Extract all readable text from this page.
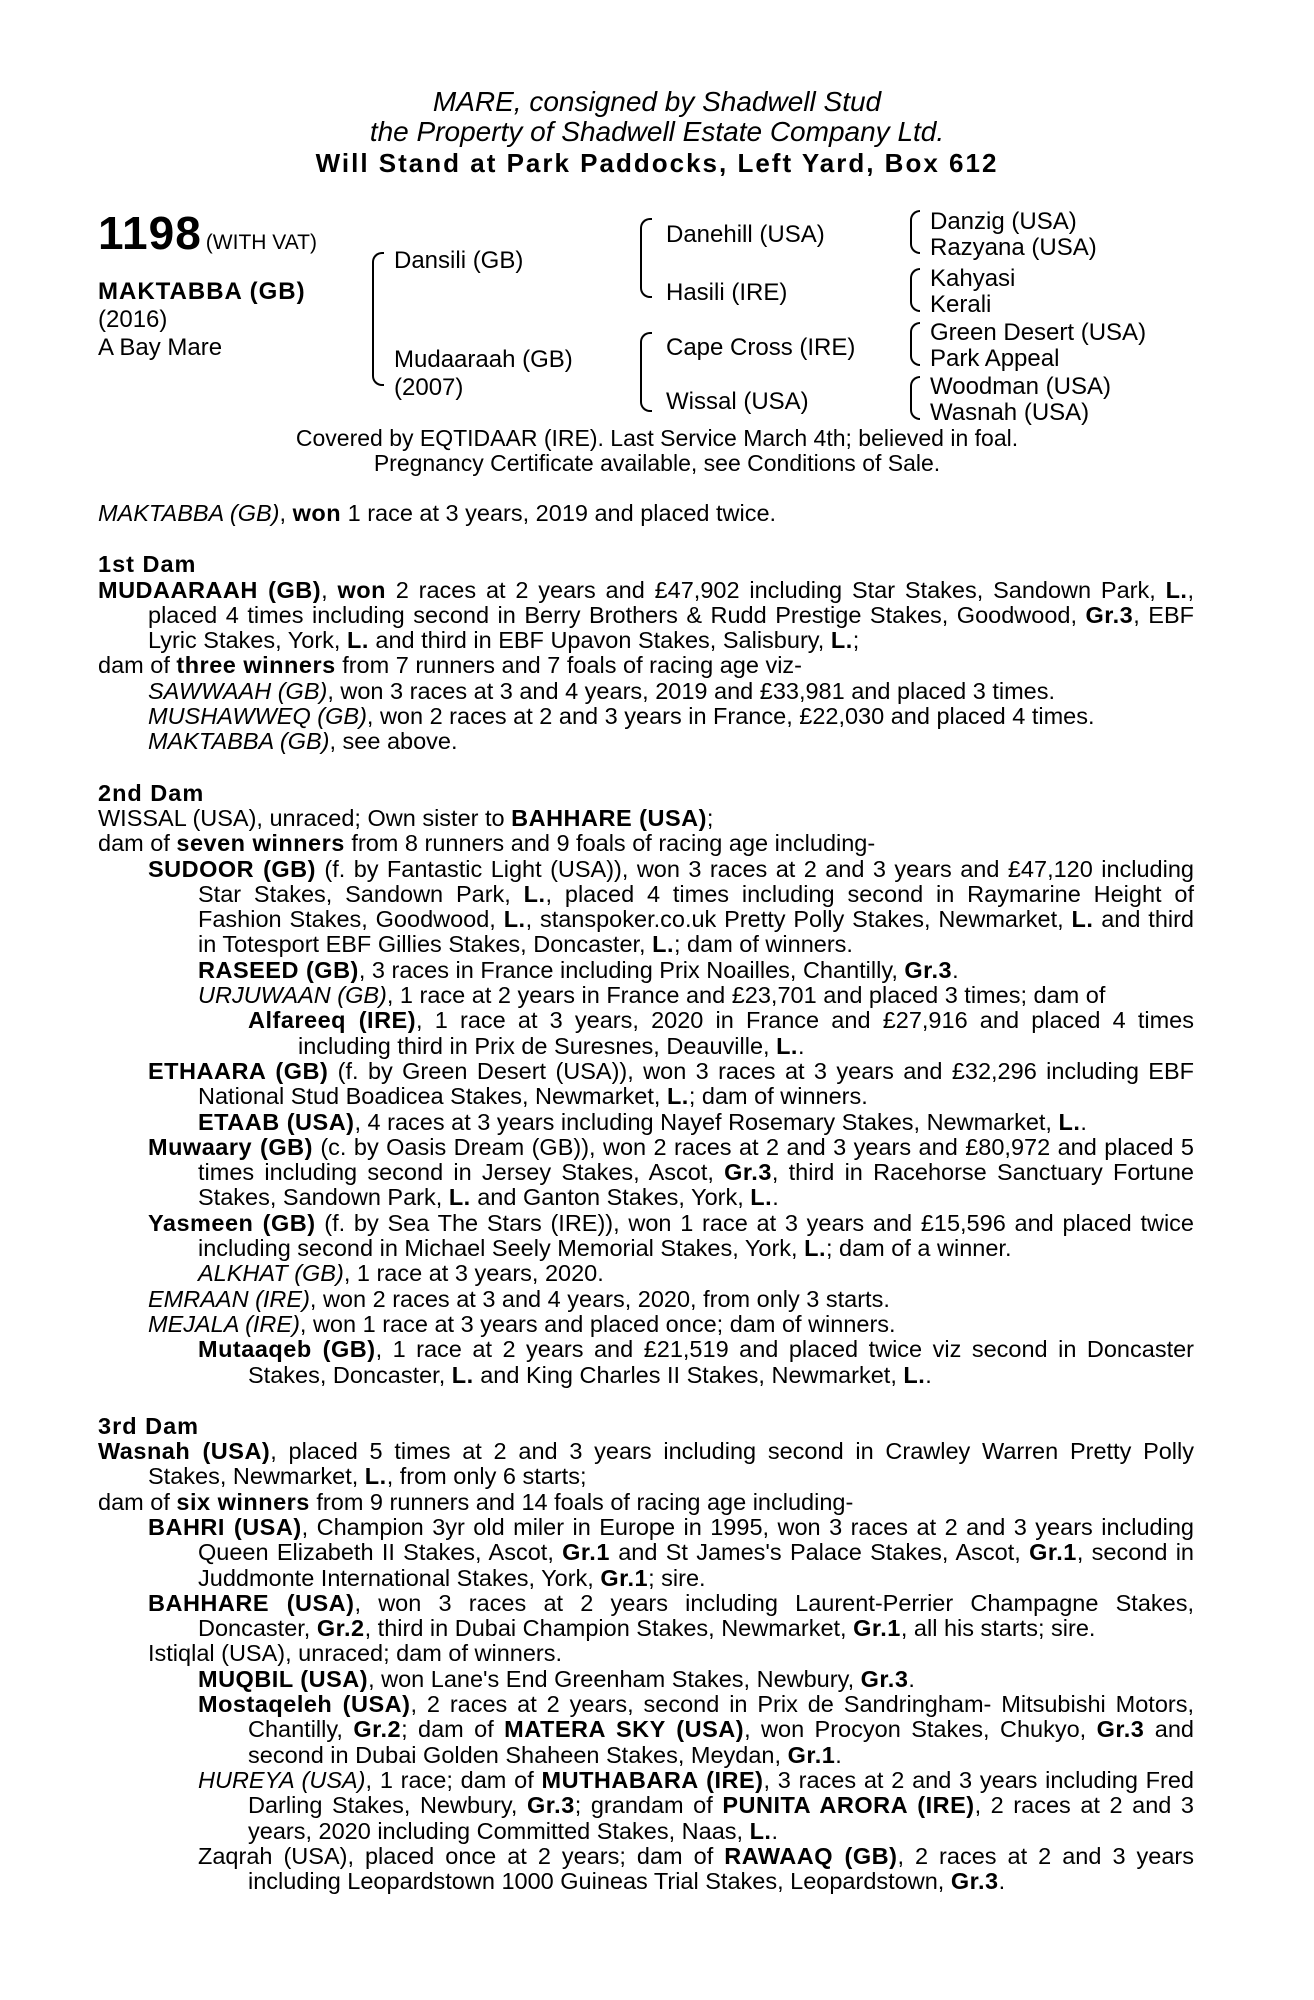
MARE, consigned by Shadwell Stud
the Property of Shadwell Estate Company Ltd.
Will Stand at Park Paddocks, Left Yard, Box 612
1198 (WITH VAT)
MAKTABBA (GB)
(2016)
A Bay Mare
Dansili (GB)
Mudaaraah (GB)
(2007)
Danehill (USA)
Hasili (IRE)
Cape Cross (IRE)
Wissal (USA)
Danzig (USA)
Razyana (USA)
Kahyasi
Kerali
Green Desert (USA)
Park Appeal
Woodman (USA)
Wasnah (USA)
Covered by EQTIDAAR (IRE). Last Service March 4th; believed in foal.
Pregnancy Certificate available, see Conditions of Sale.

MAKTABBA (GB), won 1 race at 3 years, 2019 and placed twice.

1st Dam

MUDAARAAH (GB), won 2 races at 2 years and £47,902 including Star Stakes, Sandown Park, L., placed 4 times including second in Berry Brothers & Rudd Prestige Stakes, Goodwood, Gr.3, EBF Lyric Stakes, York, L. and third in EBF Upavon Stakes, Salisbury, L.;

dam of three winners from 7 runners and 7 foals of racing age viz-

SAWWAAH (GB), won 3 races at 3 and 4 years, 2019 and £33,981 and placed 3 times.

MUSHAWWEQ (GB), won 2 races at 2 and 3 years in France, £22,030 and placed 4 times.

MAKTABBA (GB), see above.

2nd Dam

WISSAL (USA), unraced; Own sister to BAHHARE (USA);

dam of seven winners from 8 runners and 9 foals of racing age including-

SUDOOR (GB) (f. by Fantastic Light (USA)), won 3 races at 2 and 3 years and £47,120 including Star Stakes, Sandown Park, L., placed 4 times including second in Raymarine Height of Fashion Stakes, Goodwood, L., stanspoker.co.uk Pretty Polly Stakes, Newmarket, L. and third in Totesport EBF Gillies Stakes, Doncaster, L.; dam of winners.

RASEED (GB), 3 races in France including Prix Noailles, Chantilly, Gr.3.

URJUWAAN (GB), 1 race at 2 years in France and £23,701 and placed 3 times; dam of

Alfareeq (IRE), 1 race at 3 years, 2020 in France and £27,916 and placed 4 times including third in Prix de Suresnes, Deauville, L..

ETHAARA (GB) (f. by Green Desert (USA)), won 3 races at 3 years and £32,296 including EBF National Stud Boadicea Stakes, Newmarket, L.; dam of winners.

ETAAB (USA), 4 races at 3 years including Nayef Rosemary Stakes, Newmarket, L..

Muwaary (GB) (c. by Oasis Dream (GB)), won 2 races at 2 and 3 years and £80,972 and placed 5 times including second in Jersey Stakes, Ascot, Gr.3, third in Racehorse Sanctuary Fortune Stakes, Sandown Park, L. and Ganton Stakes, York, L..

Yasmeen (GB) (f. by Sea The Stars (IRE)), won 1 race at 3 years and £15,596 and placed twice including second in Michael Seely Memorial Stakes, York, L.; dam of a winner.

ALKHAT (GB), 1 race at 3 years, 2020.

EMRAAN (IRE), won 2 races at 3 and 4 years, 2020, from only 3 starts.

MEJALA (IRE), won 1 race at 3 years and placed once; dam of winners.

Mutaaqeb (GB), 1 race at 2 years and £21,519 and placed twice viz second in Doncaster Stakes, Doncaster, L. and King Charles II Stakes, Newmarket, L..

3rd Dam

Wasnah (USA), placed 5 times at 2 and 3 years including second in Crawley Warren Pretty Polly Stakes, Newmarket, L., from only 6 starts;

dam of six winners from 9 runners and 14 foals of racing age including-

BAHRI (USA), Champion 3yr old miler in Europe in 1995, won 3 races at 2 and 3 years including Queen Elizabeth II Stakes, Ascot, Gr.1 and St James's Palace Stakes, Ascot, Gr.1, second in Juddmonte International Stakes, York, Gr.1; sire.

BAHHARE (USA), won 3 races at 2 years including Laurent-Perrier Champagne Stakes, Doncaster, Gr.2, third in Dubai Champion Stakes, Newmarket, Gr.1, all his starts; sire.

Istiqlal (USA), unraced; dam of winners.

MUQBIL (USA), won Lane's End Greenham Stakes, Newbury, Gr.3.

Mostaqeleh (USA), 2 races at 2 years, second in Prix de Sandringham- Mitsubishi Motors, Chantilly, Gr.2; dam of MATERA SKY (USA), won Procyon Stakes, Chukyo, Gr.3 and second in Dubai Golden Shaheen Stakes, Meydan, Gr.1.

HUREYA (USA), 1 race; dam of MUTHABARA (IRE), 3 races at 2 and 3 years including Fred Darling Stakes, Newbury, Gr.3; grandam of PUNITA ARORA (IRE), 2 races at 2 and 3 years, 2020 including Committed Stakes, Naas, L..

Zaqrah (USA), placed once at 2 years; dam of RAWAAQ (GB), 2 races at 2 and 3 years including Leopardstown 1000 Guineas Trial Stakes, Leopardstown, Gr.3.
